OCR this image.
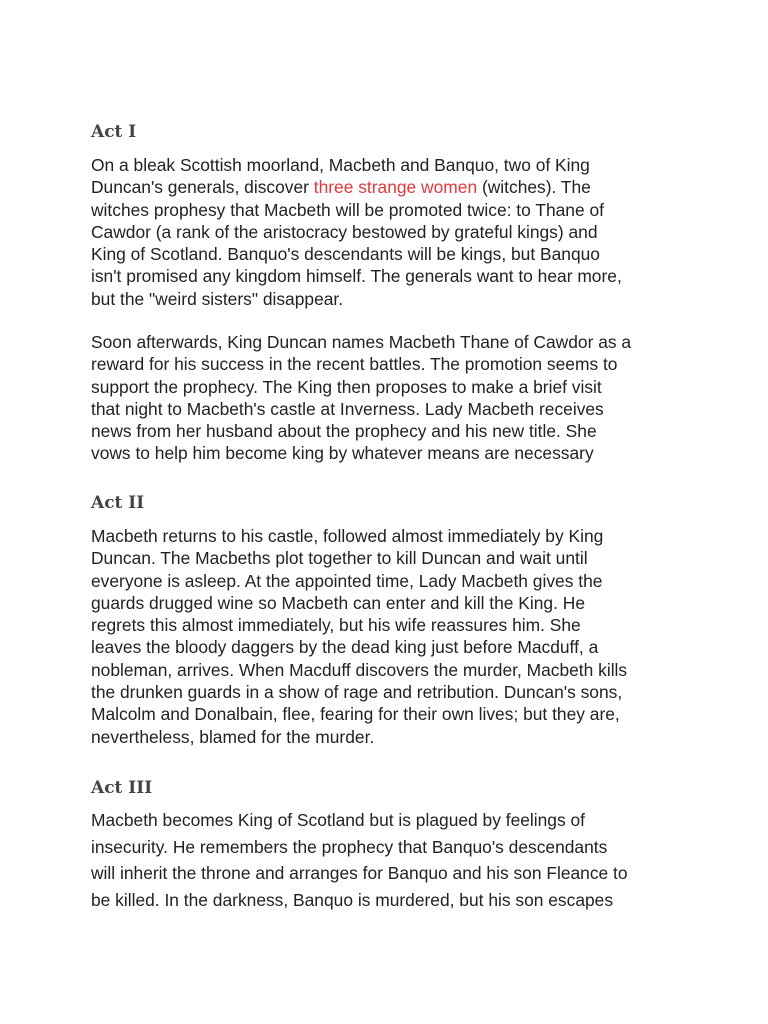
Act I

On a bleak Scottish moorland, Macbeth and Banquo, two of King
Duncan's generals, discover three strange women (witches). The
witches prophesy that Macbeth will be promoted twice: to Thane of
Cawdor (a rank of the aristocracy bestowed by grateful kings) and
King of Scotland. Banquo's descendants will be kings, but Banquo
isn't promised any kingdom himself. The generals want to hear more,
but the "weird sisters" disappear.

Soon afterwards, King Duncan names Macbeth Thane of Cawdor as a
reward for his success in the recent battles. The promotion seems to
support the prophecy. The King then proposes to make a brief visit
that night to Macbeth's castle at Inverness. Lady Macbeth receives
news from her husband about the prophecy and his new title. She
vows to help him become king by whatever means are necessary

Act II

Macbeth returns to his castle, followed almost immediately by King
Duncan. The Macbeths plot together to kill Duncan and wait until
everyone is asleep. At the appointed time, Lady Macbeth gives the
guards drugged wine so Macbeth can enter and kill the King. He
regrets this almost immediately, but his wife reassures him. She
leaves the bloody daggers by the dead king just before Macduff, a
nobleman, arrives. When Macduff discovers the murder, Macbeth kills
the drunken guards in a show of rage and retribution. Duncan's sons,
Malcolm and Donalbain, flee, fearing for their own lives; but they are,
nevertheless, blamed for the murder.

Act III

Macbeth becomes King of Scotland but is plagued by feelings of
insecurity. He remembers the prophecy that Banquo's descendants
will inherit the throne and arranges for Banquo and his son Fleance to
be killed. In the darkness, Banquo is murdered, but his son escapes
